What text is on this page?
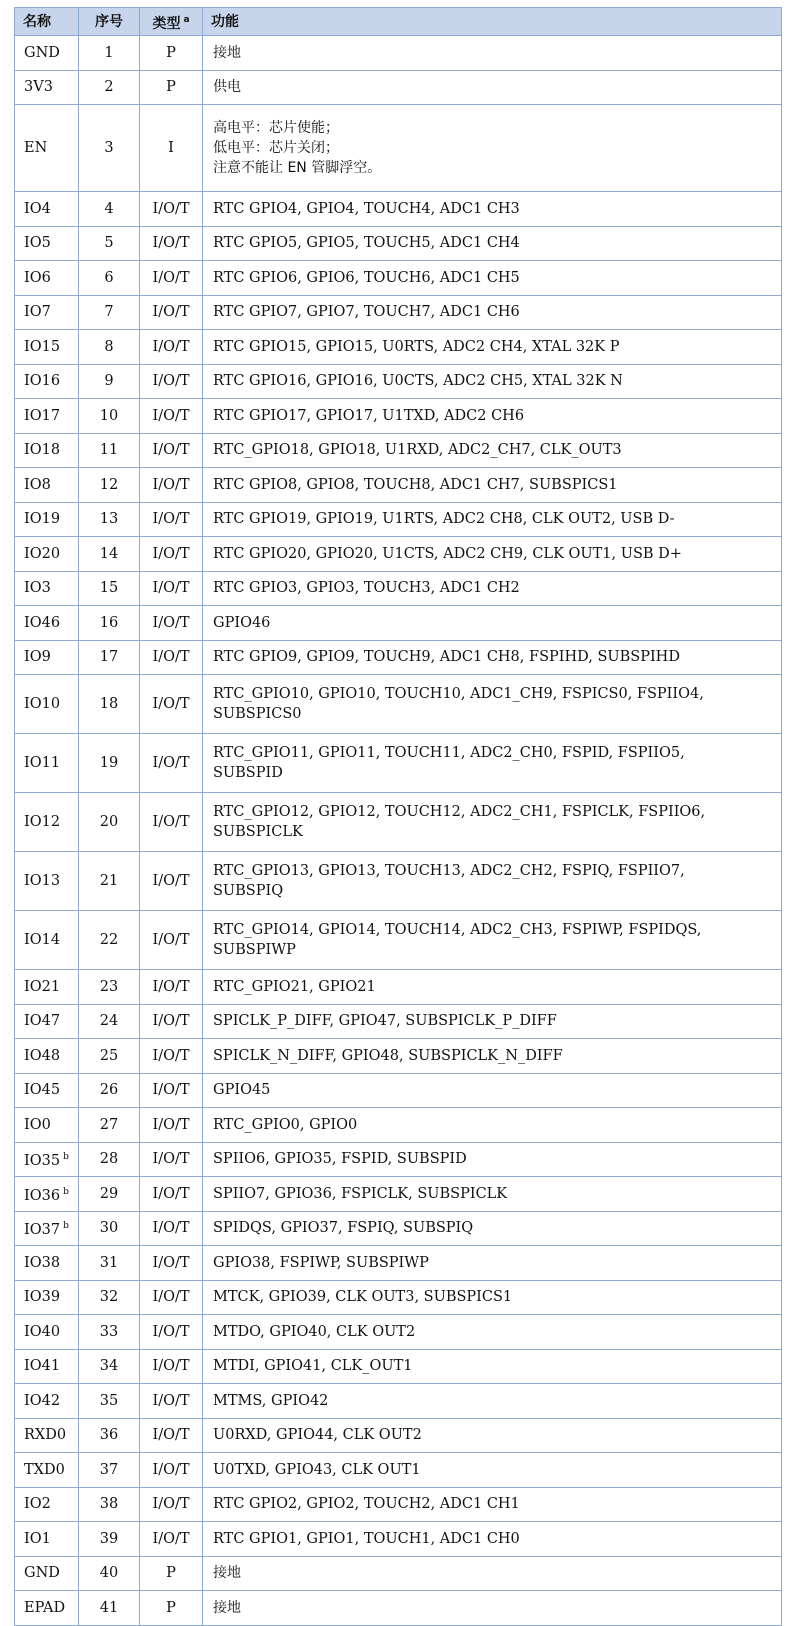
名称	序号	类型 $^a$	功能
GND	1	P	接地
3V3	2	P	供电
EN	3	I	高电平：芯片使能；
低电平：芯片关闭；
注意不能让 EN 管脚浮空。

IO4	4	I/O/T	RTC GPIO4, GPIO4, TOUCH4, ADC1 CH3
IO5	5	I/O/T	RTC GPIO5, GPIO5, TOUCH5, ADC1 CH4
IO6	6	I/O/T	RTC GPIO6, GPIO6, TOUCH6, ADC1 CH5
IO7	7	I/O/T	RTC GPIO7, GPIO7, TOUCH7, ADC1 CH6
IO15	8	I/O/T	RTC GPIO15, GPIO15, U0RTS, ADC2 CH4, XTAL 32K P
IO16	9	I/O/T	RTC GPIO16, GPIO16, U0CTS, ADC2 CH5, XTAL 32K N
IO17	10	I/O/T	RTC GPIO17, GPIO17, U1TXD, ADC2 CH6
IO18	11	I/O/T	RTC_GPIO18, GPIO18, U1RXD, ADC2_CH7, CLK_OUT3
IO8	12	I/O/T	RTC GPIO8, GPIO8, TOUCH8, ADC1 CH7, SUBSPICS1
IO19	13	I/O/T	RTC GPIO19, GPIO19, U1RTS, ADC2 CH8, CLK OUT2, USB D-
IO20	14	I/O/T	RTC GPIO20, GPIO20, U1CTS, ADC2 CH9, CLK OUT1, USB D+
IO3	15	I/O/T	RTC GPIO3, GPIO3, TOUCH3, ADC1 CH2
IO46	16	I/O/T	GPIO46
IO9	17	I/O/T	RTC GPIO9, GPIO9, TOUCH9, ADC1 CH8, FSPIHD, SUBSPIHD
IO10	18	I/O/T	RTC_GPIO10, GPIO10, TOUCH10, ADC1_CH9, FSPICS0, FSPIIO4,
SUBSPICS0

IO11	19	I/O/T	RTC_GPIO11, GPIO11, TOUCH11, ADC2_CH0, FSPID, FSPIIO5,
SUBSPID

IO12	20	I/O/T	RTC_GPIO12, GPIO12, TOUCH12, ADC2_CH1, FSPICLK, FSPIIO6,
SUBSPICLK

IO13	21	I/O/T	RTC_GPIO13, GPIO13, TOUCH13, ADC2_CH2, FSPIQ, FSPIIO7,
SUBSPIQ

IO14	22	I/O/T	RTC_GPIO14, GPIO14, TOUCH14, ADC2_CH3, FSPIWP, FSPIDQS,
SUBSPIWP

IO21	23	I/O/T	RTC_GPIO21, GPIO21
IO47	24	I/O/T	SPICLK_P_DIFF, GPIO47, SUBSPICLK_P_DIFF
IO48	25	I/O/T	SPICLK_N_DIFF, GPIO48, SUBSPICLK_N_DIFF
IO45	26	I/O/T	GPIO45
IO0	27	I/O/T	RTC_GPIO0, GPIO0
IO35 $^b$	28	I/O/T	SPIIO6, GPIO35, FSPID, SUBSPID
IO36 $^b$	29	I/O/T	SPIIO7, GPIO36, FSPICLK, SUBSPICLK
IO37 $^b$	30	I/O/T	SPIDQS, GPIO37, FSPIQ, SUBSPIQ
IO38	31	I/O/T	GPIO38, FSPIWP, SUBSPIWP
IO39	32	I/O/T	MTCK, GPIO39, CLK OUT3, SUBSPICS1
IO40	33	I/O/T	MTDO, GPIO40, CLK OUT2
IO41	34	I/O/T	MTDI, GPIO41, CLK_OUT1
IO42	35	I/O/T	MTMS, GPIO42
RXD0	36	I/O/T	U0RXD, GPIO44, CLK OUT2
TXD0	37	I/O/T	U0TXD, GPIO43, CLK OUT1
IO2	38	I/O/T	RTC GPIO2, GPIO2, TOUCH2, ADC1 CH1
IO1	39	I/O/T	RTC GPIO1, GPIO1, TOUCH1, ADC1 CH0
GND	40	P	接地
EPAD	41	P	接地
